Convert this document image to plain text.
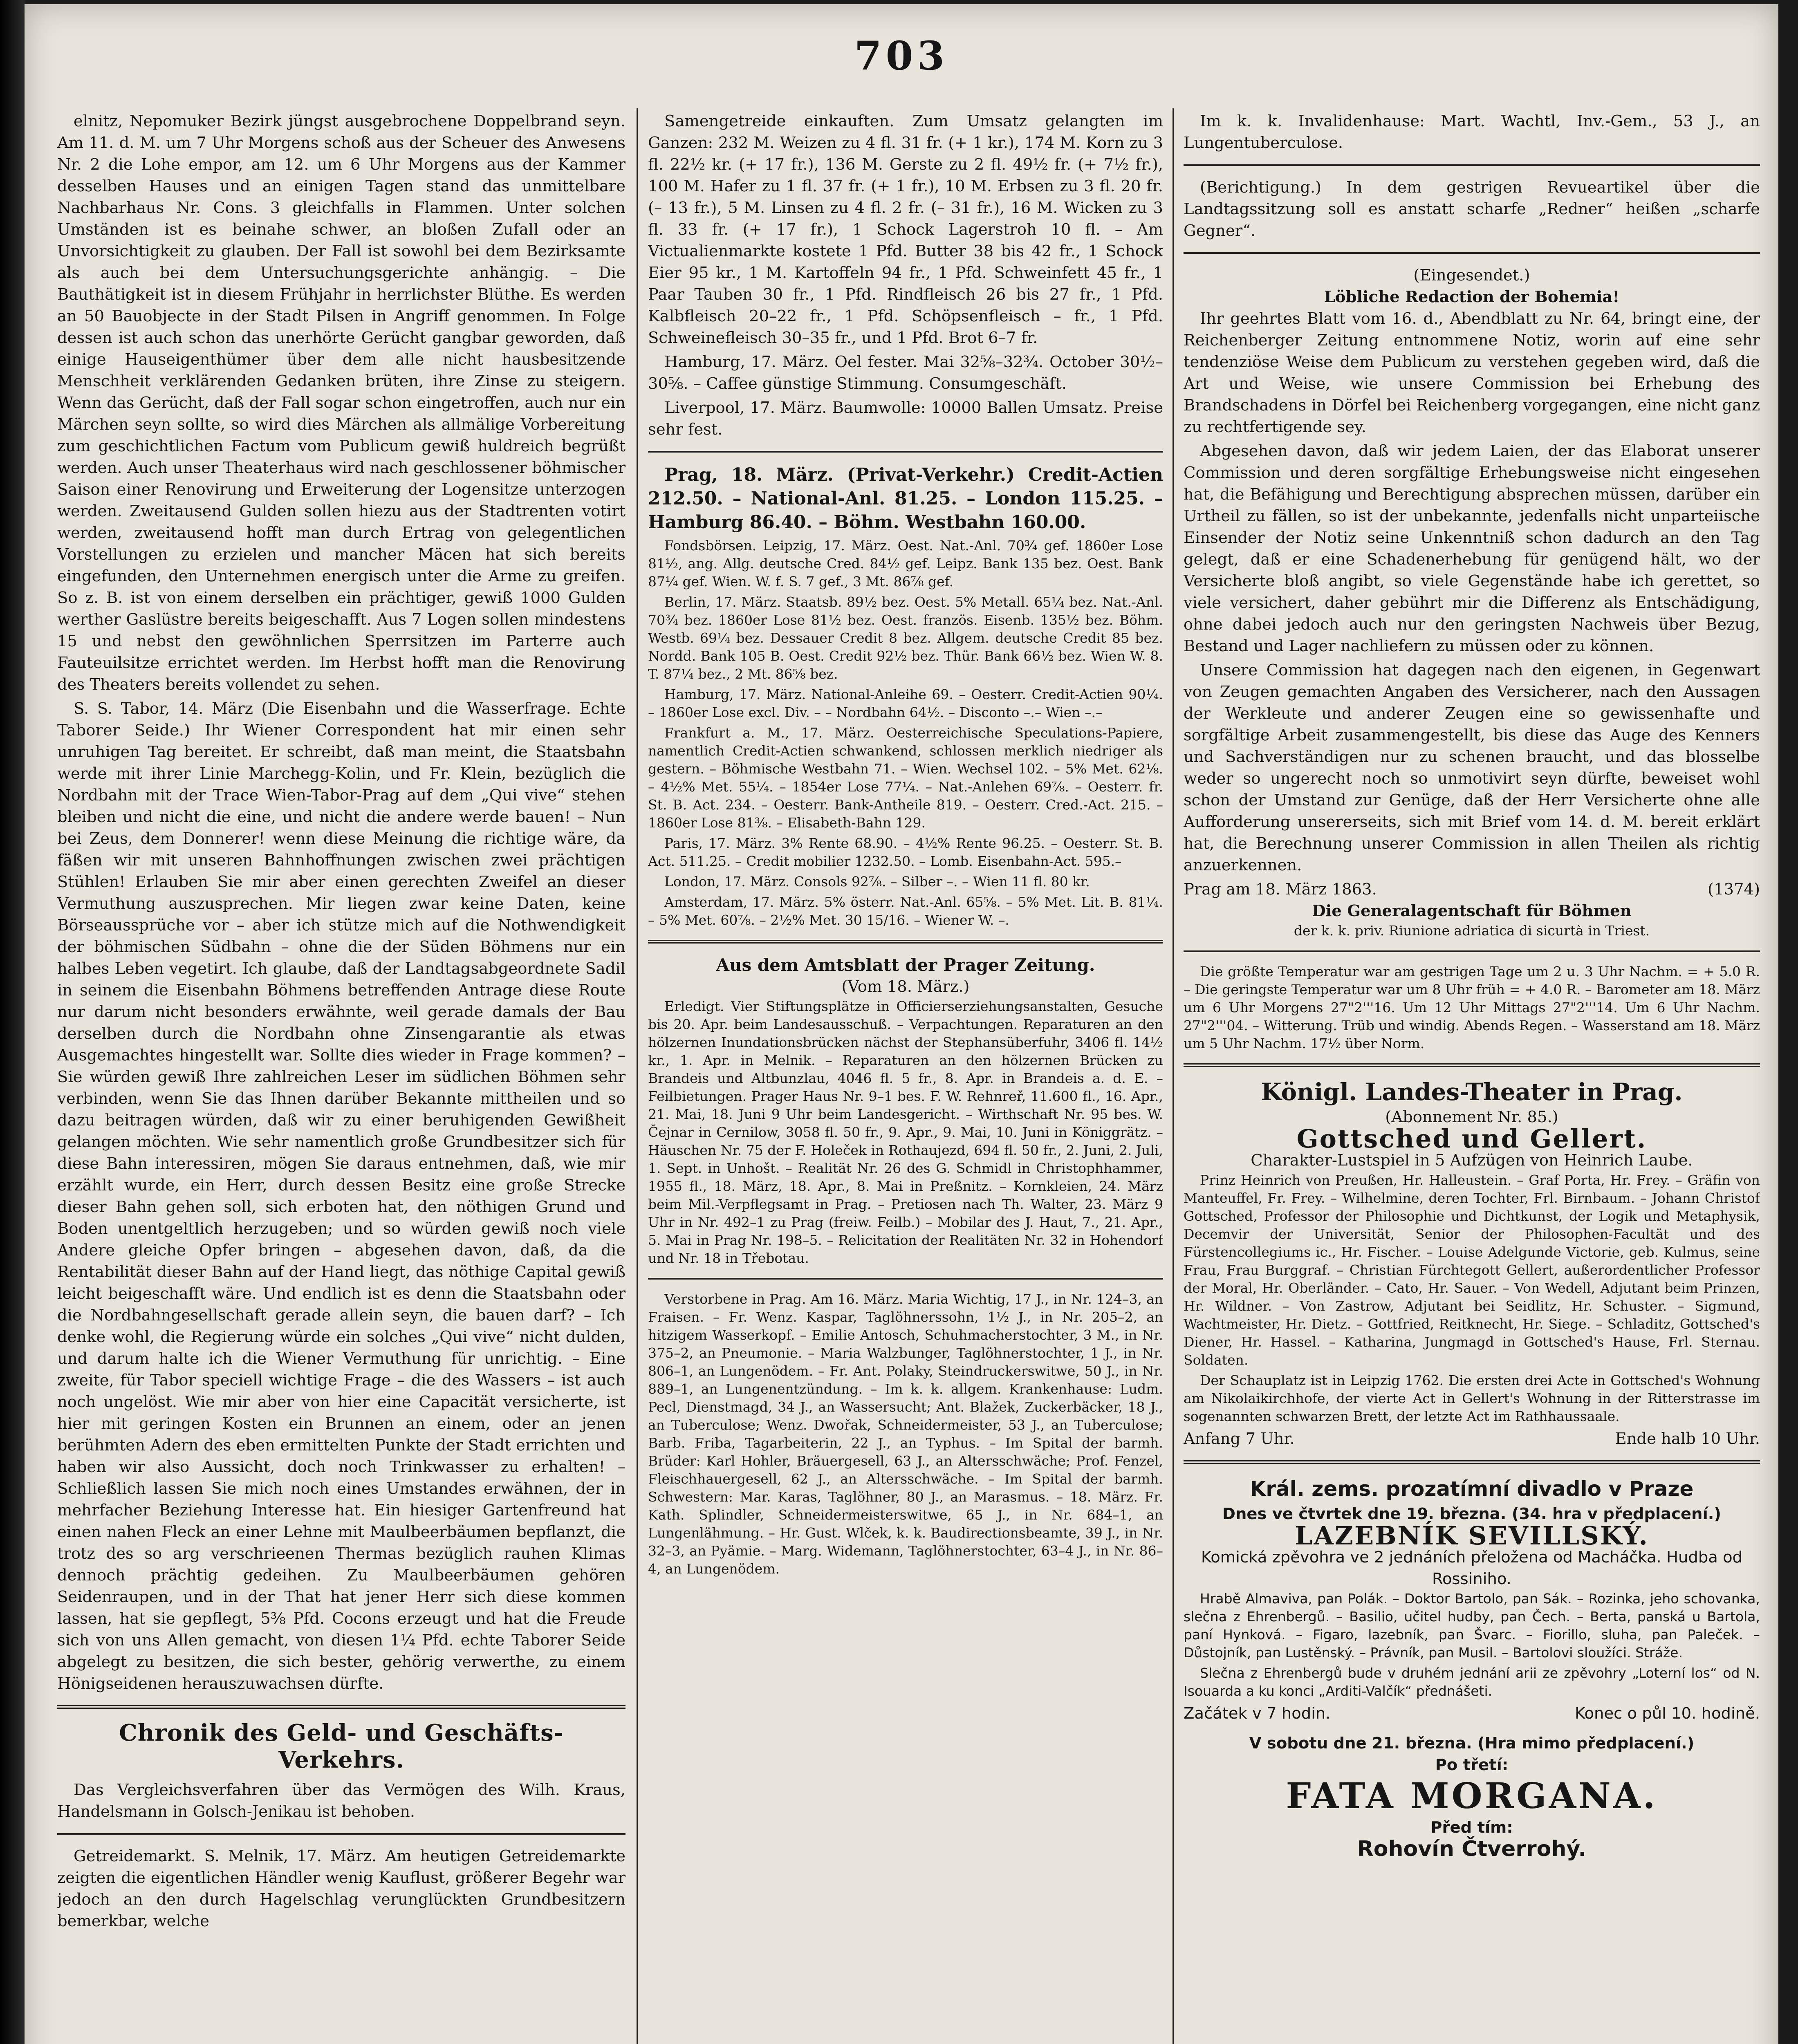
703

elnitz, Nepomuker Bezirk jüngst ausgebrochene Doppelbrand seyn. Am 11. d. M. um 7 Uhr Morgens schoß aus der Scheuer des Anwesens Nr. 2 die Lohe empor, am 12. um 6 Uhr Morgens aus der Kammer desselben Hauses und an einigen Tagen stand das unmittelbare Nachbarhaus Nr. Cons. 3 gleichfalls in Flammen. Unter solchen Umständen ist es beinahe schwer, an bloßen Zufall oder an Unvorsichtigkeit zu glauben. Der Fall ist sowohl bei dem Bezirksamte als auch bei dem Untersuchungsgerichte anhängig. – Die Bauthätigkeit ist in diesem Frühjahr in herrlichster Blüthe. Es werden an 50 Bauobjecte in der Stadt Pilsen in Angriff genommen. In Folge dessen ist auch schon das unerhörte Gerücht gangbar geworden, daß einige Hauseigenthümer über dem alle nicht hausbesitzende Menschheit verklärenden Gedanken brüten, ihre Zinse zu steigern. Wenn das Gerücht, daß der Fall sogar schon eingetroffen, auch nur ein Märchen seyn sollte, so wird dies Märchen als allmälige Vorbereitung zum geschichtlichen Factum vom Publicum gewiß huldreich begrüßt werden. Auch unser Theaterhaus wird nach geschlossener böhmischer Saison einer Renovirung und Erweiterung der Logensitze unterzogen werden. Zweitausend Gulden sollen hiezu aus der Stadtrenten votirt werden, zweitausend hofft man durch Ertrag von gelegentlichen Vorstellungen zu erzielen und mancher Mäcen hat sich bereits eingefunden, den Unternehmen energisch unter die Arme zu greifen. So z. B. ist von einem derselben ein prächtiger, gewiß 1000 Gulden werther Gaslüstre bereits beigeschafft. Aus 7 Logen sollen mindestens 15 und nebst den gewöhnlichen Sperrsitzen im Parterre auch Fauteuilsitze errichtet werden. Im Herbst hofft man die Renovirung des Theaters bereits vollendet zu sehen.

S. S. Tabor, 14. März (Die Eisenbahn und die Wasserfrage. Echte Taborer Seide.) Ihr Wiener Correspondent hat mir einen sehr unruhigen Tag bereitet. Er schreibt, daß man meint, die Staatsbahn werde mit ihrer Linie Marchegg-Kolin, und Fr. Klein, bezüglich die Nordbahn mit der Trace Wien-Tabor-Prag auf dem „Qui vive“ stehen bleiben und nicht die eine, und nicht die andere werde bauen! – Nun bei Zeus, dem Donnerer! wenn diese Meinung die richtige wäre, da fäßen wir mit unseren Bahnhoffnungen zwischen zwei prächtigen Stühlen! Erlauben Sie mir aber einen gerechten Zweifel an dieser Vermuthung auszusprechen. Mir liegen zwar keine Daten, keine Börseaussprüche vor – aber ich stütze mich auf die Nothwendigkeit der böhmischen Südbahn – ohne die der Süden Böhmens nur ein halbes Leben vegetirt. Ich glaube, daß der Landtagsabgeordnete Sadil in seinem die Eisenbahn Böhmens betreffenden Antrage diese Route nur darum nicht besonders erwähnte, weil gerade damals der Bau derselben durch die Nordbahn ohne Zinsengarantie als etwas Ausgemachtes hingestellt war. Sollte dies wieder in Frage kommen? – Sie würden gewiß Ihre zahlreichen Leser im südlichen Böhmen sehr verbinden, wenn Sie das Ihnen darüber Bekannte mittheilen und so dazu beitragen würden, daß wir zu einer beruhigenden Gewißheit gelangen möchten. Wie sehr namentlich große Grundbesitzer sich für diese Bahn interessiren, mögen Sie daraus entnehmen, daß, wie mir erzählt wurde, ein Herr, durch dessen Besitz eine große Strecke dieser Bahn gehen soll, sich erboten hat, den nöthigen Grund und Boden unentgeltlich herzugeben; und so würden gewiß noch viele Andere gleiche Opfer bringen – abgesehen davon, daß, da die Rentabilität dieser Bahn auf der Hand liegt, das nöthige Capital gewiß leicht beigeschafft wäre. Und endlich ist es denn die Staatsbahn oder die Nordbahngesellschaft gerade allein seyn, die bauen darf? – Ich denke wohl, die Regierung würde ein solches „Qui vive“ nicht dulden, und darum halte ich die Wiener Vermuthung für unrichtig. – Eine zweite, für Tabor speciell wichtige Frage – die des Wassers – ist auch noch ungelöst. Wie mir aber von hier eine Capacität versicherte, ist hier mit geringen Kosten ein Brunnen an einem, oder an jenen berühmten Adern des eben ermittelten Punkte der Stadt errichten und haben wir also Aussicht, doch noch Trinkwasser zu erhalten! – Schließlich lassen Sie mich noch eines Umstandes erwähnen, der in mehrfacher Beziehung Interesse hat. Ein hiesiger Gartenfreund hat einen nahen Fleck an einer Lehne mit Maulbeerbäumen bepflanzt, die trotz des so arg verschrieenen Thermas bezüglich rauhen Klimas dennoch prächtig gedeihen. Zu Maulbeerbäumen gehören Seidenraupen, und in der That hat jener Herr sich diese kommen lassen, hat sie gepflegt, 5⅜ Pfd. Cocons erzeugt und hat die Freude sich von uns Allen gemacht, von diesen 1¼ Pfd. echte Taborer Seide abgelegt zu besitzen, die sich bester, gehörig verwerthe, zu einem Hönigseidenen herauszuwachsen dürfte.

Chronik des Geld- und Geschäfts-Verkehrs.

Das Vergleichsverfahren über das Vermögen des Wilh. Kraus, Handelsmann in Golsch-Jenikau ist behoben.

Getreidemarkt. S. Melnik, 17. März. Am heutigen Getreidemarkte zeigten die eigentlichen Händler wenig Kauflust, größerer Begehr war jedoch an den durch Hagelschlag verunglückten Grundbesitzern bemerkbar, welche

Samengetreide einkauften. Zum Umsatz gelangten im Ganzen: 232 M. Weizen zu 4 fl. 31 fr. (+ 1 kr.), 174 M. Korn zu 3 fl. 22½ kr. (+ 17 fr.), 136 M. Gerste zu 2 fl. 49½ fr. (+ 7½ fr.), 100 M. Hafer zu 1 fl. 37 fr. (+ 1 fr.), 10 M. Erbsen zu 3 fl. 20 fr. (– 13 fr.), 5 M. Linsen zu 4 fl. 2 fr. (– 31 fr.), 16 M. Wicken zu 3 fl. 33 fr. (+ 17 fr.), 1 Schock Lagerstroh 10 fl. – Am Victualienmarkte kostete 1 Pfd. Butter 38 bis 42 fr., 1 Schock Eier 95 kr., 1 M. Kartoffeln 94 fr., 1 Pfd. Schweinfett 45 fr., 1 Paar Tauben 30 fr., 1 Pfd. Rindfleisch 26 bis 27 fr., 1 Pfd. Kalbfleisch 20–22 fr., 1 Pfd. Schöpsenfleisch – fr., 1 Pfd. Schweinefleisch 30–35 fr., und 1 Pfd. Brot 6–7 fr.

Hamburg, 17. März. Oel fester. Mai 32⅝–32¾. October 30½–30⅝. – Caffee günstige Stimmung. Consumgeschäft.

Liverpool, 17. März. Baumwolle: 10000 Ballen Umsatz. Preise sehr fest.

Prag, 18. März. (Privat-Verkehr.) Credit-Actien 212.50. – National-Anl. 81.25. – London 115.25. – Hamburg 86.40. – Böhm. Westbahn 160.00.

Fondsbörsen. Leipzig, 17. März. Oest. Nat.-Anl. 70¾ gef. 1860er Lose 81½, ang. Allg. deutsche Cred. 84½ gef. Leipz. Bank 135 bez. Oest. Bank 87¼ gef. Wien. W. f. S. 7 gef., 3 Mt. 86⅞ gef.

Berlin, 17. März. Staatsb. 89½ bez. Oest. 5% Metall. 65¼ bez. Nat.-Anl. 70¾ bez. 1860er Lose 81½ bez. Oest. französ. Eisenb. 135½ bez. Böhm. Westb. 69¼ bez. Dessauer Credit 8 bez. Allgem. deutsche Credit 85 bez. Nordd. Bank 105 B. Oest. Credit 92½ bez. Thür. Bank 66½ bez. Wien W. 8. T. 87¼ bez., 2 Mt. 86⅝ bez.

Hamburg, 17. März. National-Anleihe 69. – Oesterr. Credit-Actien 90¼. – 1860er Lose excl. Div. – – Nordbahn 64½. – Disconto –.– Wien –.–

Frankfurt a. M., 17. März. Oesterreichische Speculations-Papiere, namentlich Credit-Actien schwankend, schlossen merklich niedriger als gestern. – Böhmische Westbahn 71. – Wien. Wechsel 102. – 5% Met. 62⅛. – 4½% Met. 55¼. – 1854er Lose 77¼. – Nat.-Anlehen 69⅞. – Oesterr. fr. St. B. Act. 234. – Oesterr. Bank-Antheile 819. – Oesterr. Cred.-Act. 215. – 1860er Lose 81⅜. – Elisabeth-Bahn 129.

Paris, 17. März. 3% Rente 68.90. – 4½% Rente 96.25. – Oesterr. St. B. Act. 511.25. – Credit mobilier 1232.50. – Lomb. Eisenbahn-Act. 595.–

London, 17. März. Consols 92⅞. – Silber –. – Wien 11 fl. 80 kr.

Amsterdam, 17. März. 5% österr. Nat.-Anl. 65⅝. – 5% Met. Lit. B. 81¼. – 5% Met. 60⅞. – 2½% Met. 30 15/16. – Wiener W. –.

Aus dem Amtsblatt der Prager Zeitung.
(Vom 18. März.)

Erledigt. Vier Stiftungsplätze in Officierserziehungsanstalten, Gesuche bis 20. Apr. beim Landesausschuß. – Verpachtungen. Reparaturen an den hölzernen Inundationsbrücken nächst der Stephansüberfuhr, 3406 fl. 14½ kr., 1. Apr. in Melnik. – Reparaturen an den hölzernen Brücken zu Brandeis und Altbunzlau, 4046 fl. 5 fr., 8. Apr. in Brandeis a. d. E. – Feilbietungen. Prager Haus Nr. 9–1 bes. F. W. Rehnreř, 11.600 fl., 16. Apr., 21. Mai, 18. Juni 9 Uhr beim Landesgericht. – Wirthschaft Nr. 95 bes. W. Čejnar in Cernilow, 3058 fl. 50 fr., 9. Apr., 9. Mai, 10. Juni in Königgrätz. – Häuschen Nr. 75 der F. Holeček in Rothaujezd, 694 fl. 50 fr., 2. Juni, 2. Juli, 1. Sept. in Unhošt. – Realität Nr. 26 des G. Schmidl in Christophhammer, 1955 fl., 18. März, 18. Apr., 8. Mai in Preßnitz. – Kornkleien, 24. März beim Mil.-Verpflegsamt in Prag. – Pretiosen nach Th. Walter, 23. März 9 Uhr in Nr. 492–1 zu Prag (freiw. Feilb.) – Mobilar des J. Haut, 7., 21. Apr., 5. Mai in Prag Nr. 198–5. – Relicitation der Realitäten Nr. 32 in Hohendorf und Nr. 18 in Třebotau.

Verstorbene in Prag. Am 16. März. Maria Wichtig, 17 J., in Nr. 124–3, an Fraisen. – Fr. Wenz. Kaspar, Taglöhnerssohn, 1½ J., in Nr. 205–2, an hitzigem Wasserkopf. – Emilie Antosch, Schuhmacherstochter, 3 M., in Nr. 375–2, an Pneumonie. – Maria Walzbunger, Taglöhnerstochter, 1 J., in Nr. 806–1, an Lungenödem. – Fr. Ant. Polaky, Steindruckerswitwe, 50 J., in Nr. 889–1, an Lungenentzündung. – Im k. k. allgem. Krankenhause: Ludm. Pecl, Dienstmagd, 34 J., an Wassersucht; Ant. Blažek, Zuckerbäcker, 18 J., an Tuberculose; Wenz. Dwořak, Schneidermeister, 53 J., an Tuberculose; Barb. Friba, Tagarbeiterin, 22 J., an Typhus. – Im Spital der barmh. Brüder: Karl Hohler, Bräuergesell, 63 J., an Altersschwäche; Prof. Fenzel, Fleischhauergesell, 62 J., an Altersschwäche. – Im Spital der barmh. Schwestern: Mar. Karas, Taglöhner, 80 J., an Marasmus. – 18. März. Fr. Kath. Splindler, Schneidermeisterswitwe, 65 J., in Nr. 684–1, an Lungenlähmung. – Hr. Gust. Wlček, k. k. Baudirectionsbeamte, 39 J., in Nr. 32–3, an Pyämie. – Marg. Widemann, Taglöhnerstochter, 63–4 J., in Nr. 86–4, an Lungenödem.

Im k. k. Invalidenhause: Mart. Wachtl, Inv.-Gem., 53 J., an Lungentuberculose.

(Berichtigung.) In dem gestrigen Revueartikel über die Landtagssitzung soll es anstatt scharfe „Redner“ heißen „scharfe Gegner“.

(Eingesendet.)
Löbliche Redaction der Bohemia!

Ihr geehrtes Blatt vom 16. d., Abendblatt zu Nr. 64, bringt eine, der Reichenberger Zeitung entnommene Notiz, worin auf eine sehr tendenziöse Weise dem Publicum zu verstehen gegeben wird, daß die Art und Weise, wie unsere Commission bei Erhebung des Brandschadens in Dörfel bei Reichenberg vorgegangen, eine nicht ganz zu rechtfertigende sey.

Abgesehen davon, daß wir jedem Laien, der das Elaborat unserer Commission und deren sorgfältige Erhebungsweise nicht eingesehen hat, die Befähigung und Berechtigung absprechen müssen, darüber ein Urtheil zu fällen, so ist der unbekannte, jedenfalls nicht unparteiische Einsender der Notiz seine Unkenntniß schon dadurch an den Tag gelegt, daß er eine Schadenerhebung für genügend hält, wo der Versicherte bloß angibt, so viele Gegenstände habe ich gerettet, so viele versichert, daher gebührt mir die Differenz als Entschädigung, ohne dabei jedoch auch nur den geringsten Nachweis über Bezug, Bestand und Lager nachliefern zu müssen oder zu können.

Unsere Commission hat dagegen nach den eigenen, in Gegenwart von Zeugen gemachten Angaben des Versicherer, nach den Aussagen der Werkleute und anderer Zeugen eine so gewissenhafte und sorgfältige Arbeit zusammengestellt, bis diese das Auge des Kenners und Sachverständigen nur zu schenen braucht, und das blosselbe weder so ungerecht noch so unmotivirt seyn dürfte, beweiset wohl schon der Umstand zur Genüge, daß der Herr Versicherte ohne alle Aufforderung unsererseits, sich mit Brief vom 14. d. M. bereit erklärt hat, die Berechnung unserer Commission in allen Theilen als richtig anzuerkennen.

Prag am 18. März 1863.	(1374)
Die Generalagentschaft für Böhmen
der k. k. priv. Riunione adriatica di sicurtà in Triest.

Die größte Temperatur war am gestrigen Tage um 2 u. 3 Uhr Nachm. = + 5.0 R. – Die geringste Temperatur war um 8 Uhr früh = + 4.0 R. – Barometer am 18. März um 6 Uhr Morgens 27"2'''16. Um 12 Uhr Mittags 27"2'''14. Um 6 Uhr Nachm. 27"2'''04. – Witterung. Trüb und windig. Abends Regen. – Wasserstand am 18. März um 5 Uhr Nachm. 17½ über Norm.

Königl. Landes-Theater in Prag.
(Abonnement Nr. 85.)
Gottsched und Gellert.
Charakter-Lustspiel in 5 Aufzügen von Heinrich Laube.

Prinz Heinrich von Preußen, Hr. Halleustein. – Graf Porta, Hr. Frey. – Gräfin von Manteuffel, Fr. Frey. – Wilhelmine, deren Tochter, Frl. Birnbaum. – Johann Christof Gottsched, Professor der Philosophie und Dichtkunst, der Logik und Metaphysik, Decemvir der Universität, Senior der Philosophen-Facultät und des Fürstencollegiums ic., Hr. Fischer. – Louise Adelgunde Victorie, geb. Kulmus, seine Frau, Frau Burggraf. – Christian Fürchtegott Gellert, außerordentlicher Professor der Moral, Hr. Oberländer. – Cato, Hr. Sauer. – Von Wedell, Adjutant beim Prinzen, Hr. Wildner. – Von Zastrow, Adjutant bei Seidlitz, Hr. Schuster. – Sigmund, Wachtmeister, Hr. Dietz. – Gottfried, Reitknecht, Hr. Siege. – Schladitz, Gottsched's Diener, Hr. Hassel. – Katharina, Jungmagd in Gottsched's Hause, Frl. Sternau. Soldaten.

Der Schauplatz ist in Leipzig 1762. Die ersten drei Acte in Gottsched's Wohnung am Nikolaikirchhofe, der vierte Act in Gellert's Wohnung in der Ritterstrasse im sogenannten schwarzen Brett, der letzte Act im Rathhaussaale.

Anfang 7 Uhr.	Ende halb 10 Uhr.
Král. zems. prozatímní divadlo v Praze
Dnes ve čtvrtek dne 19. března. (34. hra v předplacení.)
LAZEBNÍK SEVILLSKÝ.
Komická zpěvohra ve 2 jednáních přeložena od Macháčka. Hudba od Rossiniho.

Hrabě Almaviva, pan Polák. – Doktor Bartolo, pan Sák. – Rozinka, jeho schovanka, slečna z Ehrenbergů. – Basilio, učitel hudby, pan Čech. – Berta, panská u Bartola, paní Hynková. – Figaro, lazebník, pan Švarc. – Fiorillo, sluha, pan Paleček. – Důstojník, pan Lustěnský. – Právník, pan Musil. – Bartolovi sloužíci. Stráže.

Slečna z Ehrenbergů bude v druhém jednání arii ze zpěvohry „Loterní los“ od N. Isouarda a ku konci „Arditi-Valčík“ přednášeti.

Začátek v 7 hodin.	Konec o půl 10. hodině.
V sobotu dne 21. března. (Hra mimo předplacení.)
Po třetí:
FATA MORGANA.
Před tím:
Rohovín Čtverrohý.
